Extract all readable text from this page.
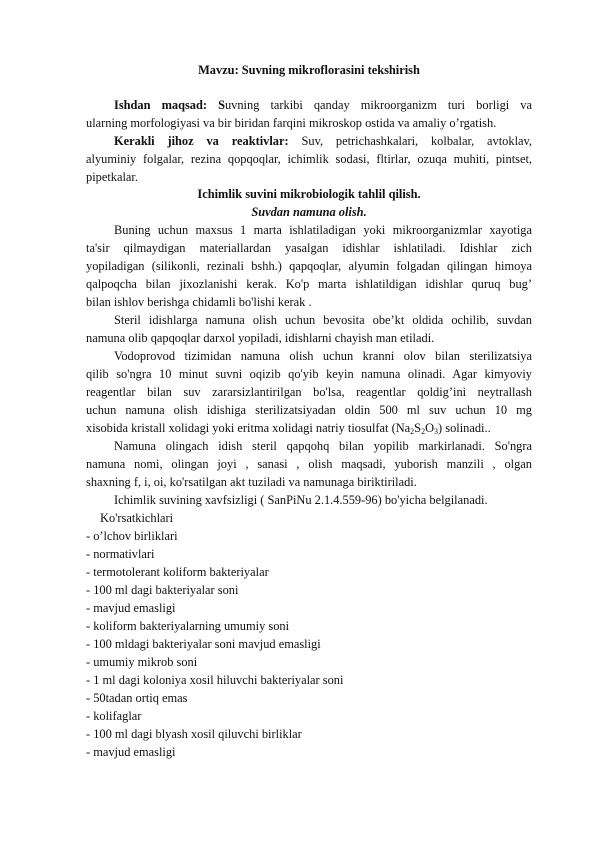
Mavzu: Suvning mikroflorasini tekshirish
Ishdan maqsad: Suvning tarkibi qanday mikroorganizm turi borligi va
ularning morfologiyasi va bir biridan farqini mikroskop ostida va amaliy o’rgatish.
Kerakli jihoz va reaktivlar: Suv, petrichashkalari, kolbalar, avtoklav,
alyuminiy folgalar, rezina qopqoqlar, ichimlik sodasi, fltirlar, ozuqa muhiti, pintset,
pipetkalar.
Ichimlik suvini mikrobiologik tahlil qilish.
Suvdan namuna olish.
Buning uchun maxsus 1 marta ishlatiladigan yoki mikroorganizmlar xayotiga
ta'sir qilmaydigan materiallardan yasalgan idishlar ishlatiladi. Idishlar zich
yopiladigan (silikonli, rezinali bshh.) qapqoqlar, alyumin folgadan qilingan himoya
qalpoqcha bilan jixozlanishi kerak. Ko'p marta ishlatildigan idishlar quruq bug’
bilan ishlov berishga chidamli bo'lishi kerak .
Steril idishlarga namuna olish uchun bevosita obe’kt oldida ochilib, suvdan
namuna olib qapqoqlar darxol yopiladi, idishlarni chayish man etiladi.
Vodoprovod tizimidan namuna olish uchun kranni olov bilan sterilizatsiya
qilib so'ngra 10 minut suvni oqizib qo'yib keyin namuna olinadi. Agar kimyoviy
reagentlar bilan suv zararsizlantirilgan bo'lsa, reagentlar qoldig’ini neytrallash
uchun namuna olish idishiga sterilizatsiyadan oldin 500 ml suv uchun 10 mg
xisobida kristall xolidagi yoki eritma xolidagi natriy tiosulfat $(Na_2S_2O_3)$ solinadi..
Namuna olingach idish steril qapqohq bilan yopilib markirlanadi. So'ngra
namuna nomi, olingan joyi , sanasi , olish maqsadi, yuborish manzili , olgan
shaxning f, i, oi, ko'rsatilgan akt tuziladi va namunaga biriktiriladi.
Ichimlik suvining xavfsizligi ( SanPiNu 2.1.4.559-96) bo'yicha belgilanadi.
Ko'rsatkichlari
- o’lchov birliklari
- normativlari
- termotolerant koliform bakteriyalar
- 100 ml dagi bakteriyalar soni
- mavjud emasligi
- koliform bakteriyalarning umumiy soni
- 100 mldagi bakteriyalar soni mavjud emasligi
- umumiy mikrob soni
- 1 ml dagi koloniya xosil hiluvchi bakteriyalar soni
- 50tadan ortiq emas
- kolifaglar
- 100 ml dagi blyash xosil qiluvchi birliklar
- mavjud emasligi
